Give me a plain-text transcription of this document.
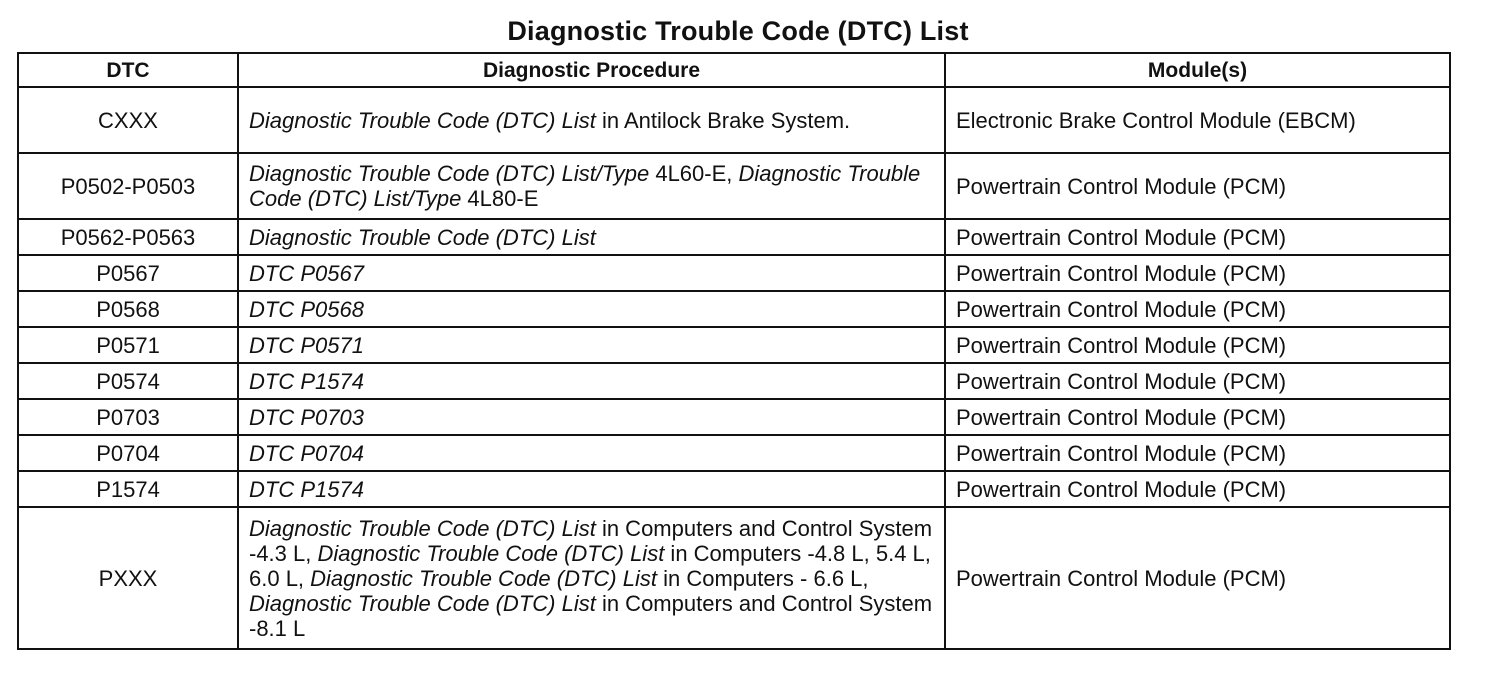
Diagnostic Trouble Code (DTC) List
DTC	Diagnostic Procedure	Module(s)
CXXX	Diagnostic Trouble Code (DTC) List in Antilock Brake System.	Electronic Brake Control Module (EBCM)
P0502-P0503	Diagnostic Trouble Code (DTC) List/Type 4L60-E, Diagnostic Trouble Code (DTC) List/Type 4L80-E	Powertrain Control Module (PCM)
P0562-P0563	Diagnostic Trouble Code (DTC) List	Powertrain Control Module (PCM)
P0567	DTC P0567	Powertrain Control Module (PCM)
P0568	DTC P0568	Powertrain Control Module (PCM)
P0571	DTC P0571	Powertrain Control Module (PCM)
P0574	DTC P1574	Powertrain Control Module (PCM)
P0703	DTC P0703	Powertrain Control Module (PCM)
P0704	DTC P0704	Powertrain Control Module (PCM)
P1574	DTC P1574	Powertrain Control Module (PCM)
PXXX	Diagnostic Trouble Code (DTC) List in Computers and Control System -4.3 L, Diagnostic Trouble Code (DTC) List in Computers -4.8 L, 5.4 L, 6.0 L, Diagnostic Trouble Code (DTC) List in Computers - 6.6 L, Diagnostic Trouble Code (DTC) List in Computers and Control System -8.1 L	Powertrain Control Module (PCM)
